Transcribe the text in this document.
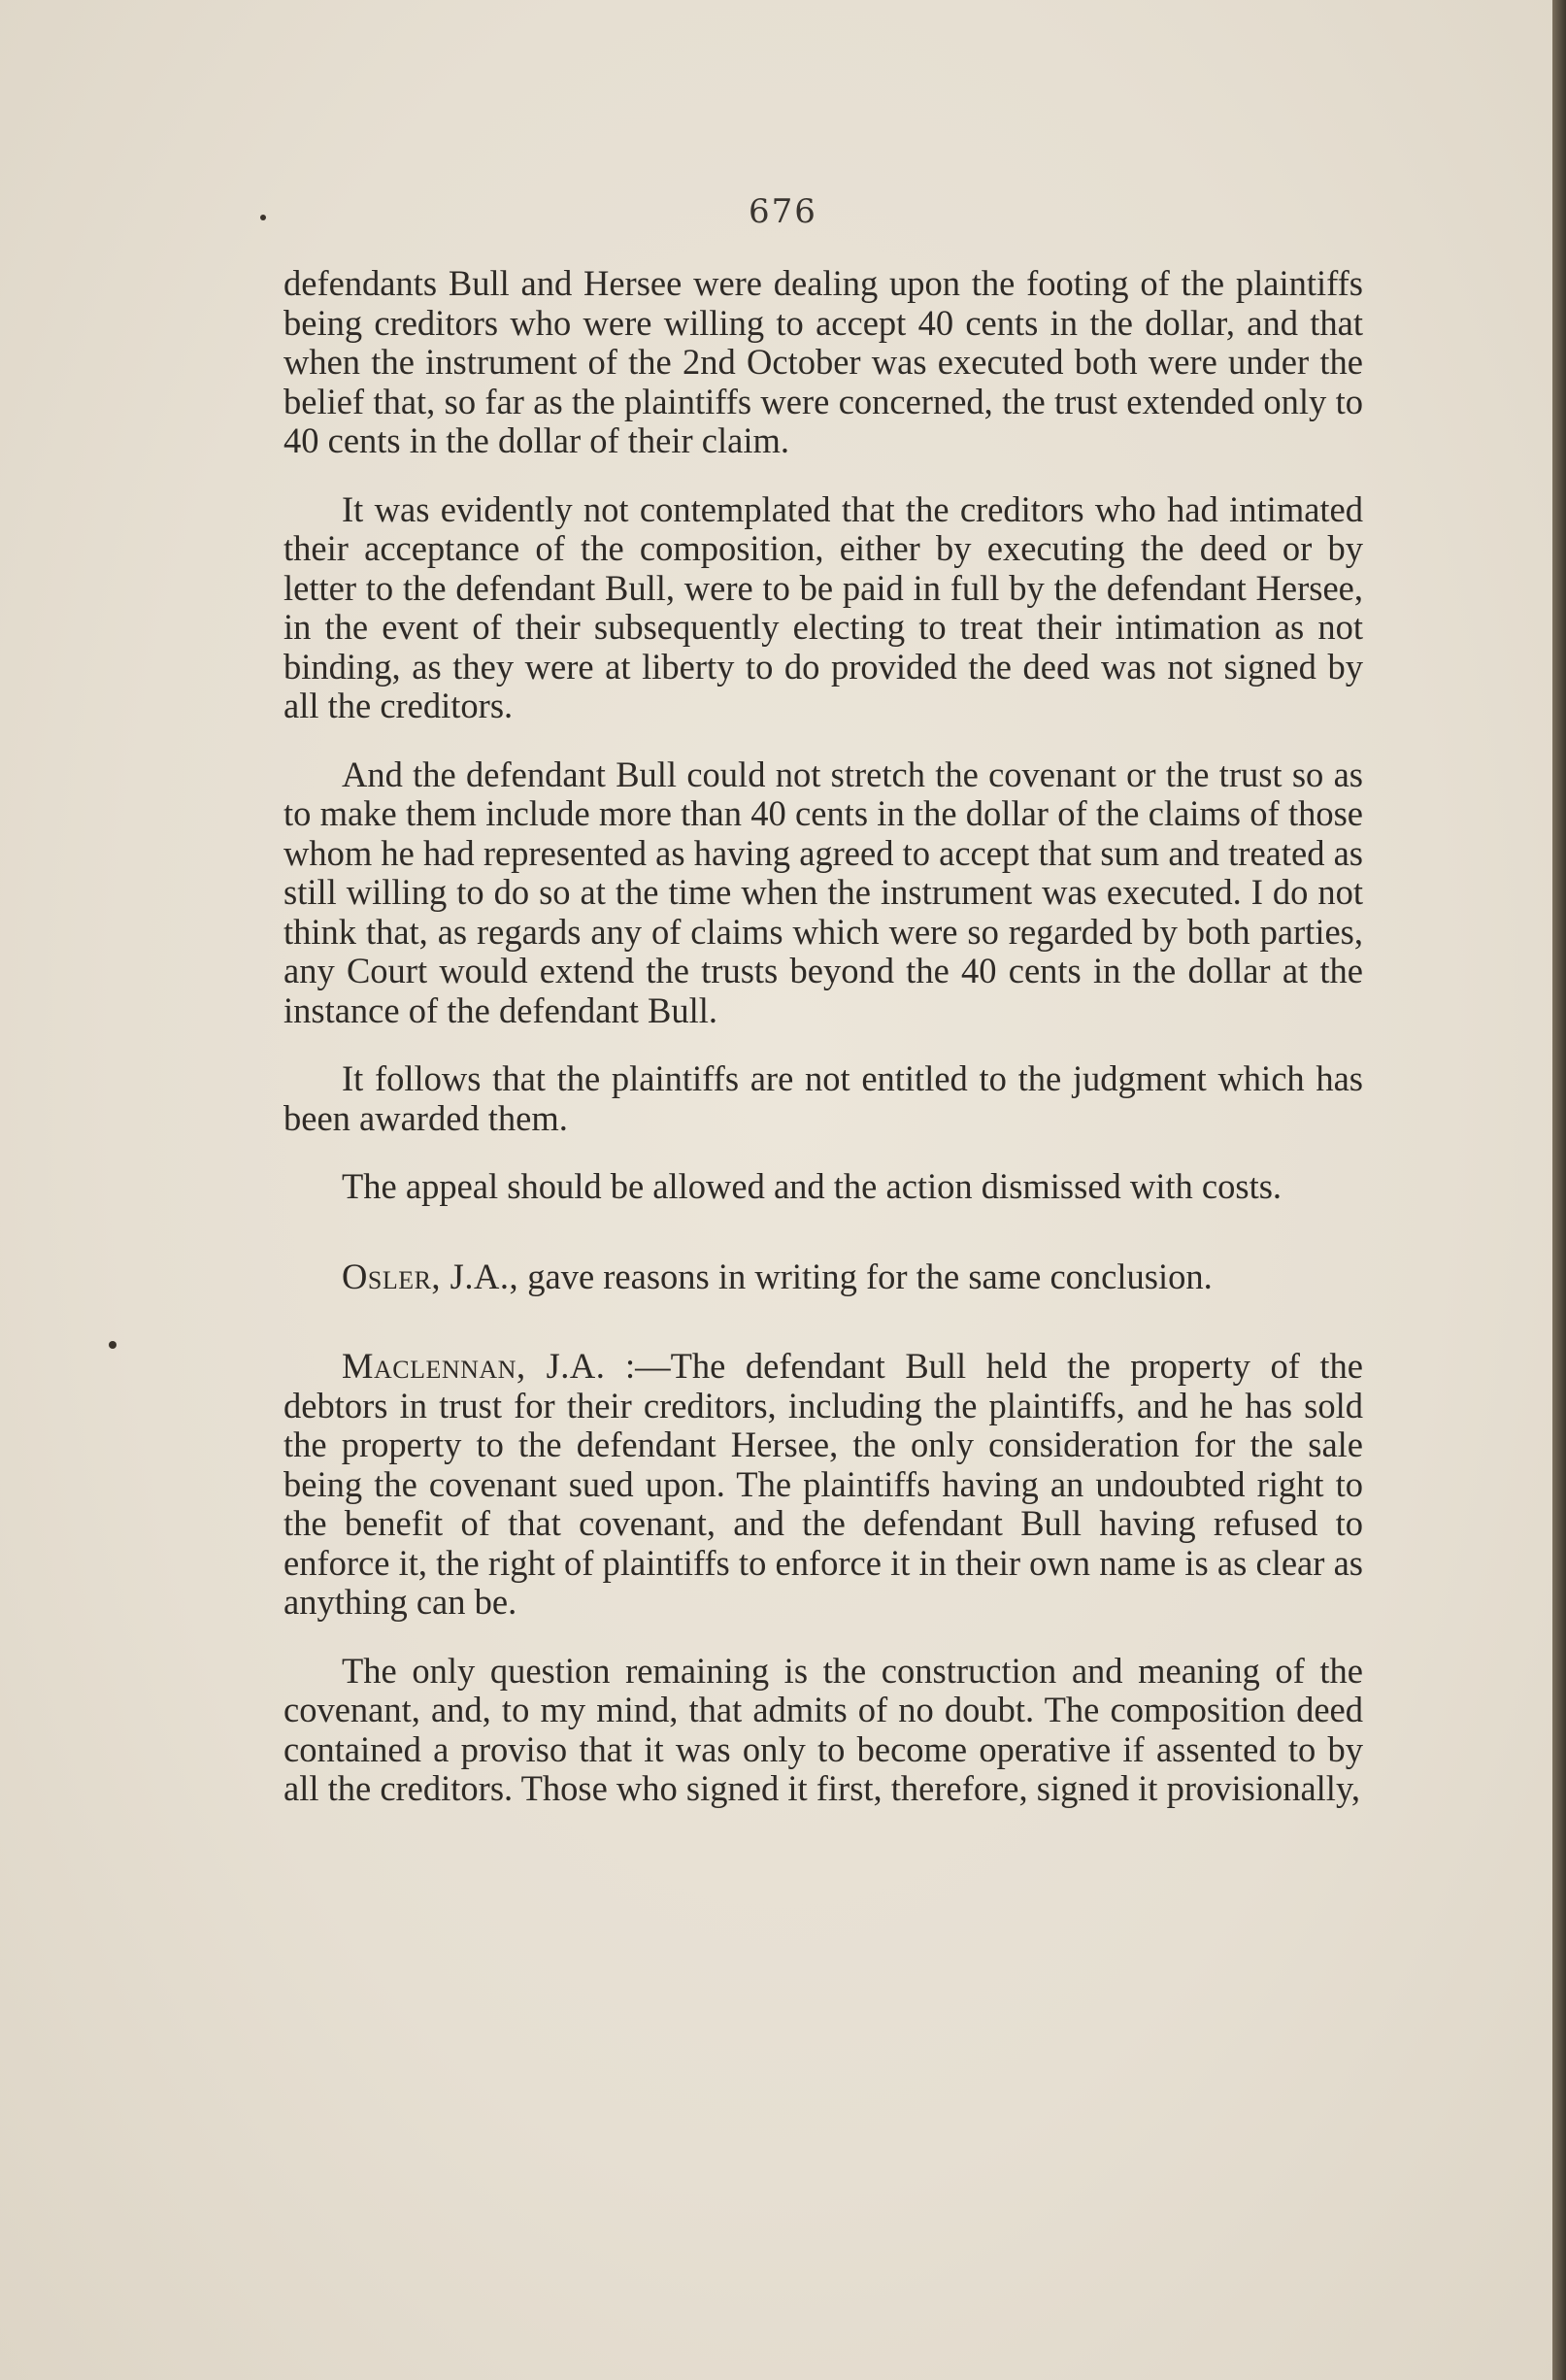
676

defendants Bull and Hersee were dealing upon the footing of the plaintiffs being creditors who were willing to accept 40 cents in the dollar, and that when the instrument of the 2nd October was executed both were under the belief that, so far as the plaintiffs were concerned, the trust extended only to 40 cents in the dollar of their claim.

It was evidently not contemplated that the creditors who had intimated their acceptance of the composition, either by executing the deed or by letter to the defendant Bull, were to be paid in full by the defendant Hersee, in the event of their subsequently electing to treat their intimation as not binding, as they were at liberty to do provided the deed was not signed by all the creditors.

And the defendant Bull could not stretch the covenant or the trust so as to make them include more than 40 cents in the dollar of the claims of those whom he had represented as having agreed to accept that sum and treated as still willing to do so at the time when the instrument was executed. I do not think that, as regards any of claims which were so regarded by both parties, any Court would extend the trusts beyond the 40 cents in the dollar at the instance of the defendant Bull.

It follows that the plaintiffs are not entitled to the judgment which has been awarded them.

The appeal should be allowed and the action dismissed with costs.

Osler, J.A., gave reasons in writing for the same conclusion.

Maclennan, J.A. :—The defendant Bull held the property of the debtors in trust for their creditors, including the plaintiffs, and he has sold the property to the defendant Hersee, the only consideration for the sale being the covenant sued upon. The plaintiffs having an undoubted right to the benefit of that covenant, and the defendant Bull having refused to enforce it, the right of plaintiffs to enforce it in their own name is as clear as anything can be.

The only question remaining is the construction and meaning of the covenant, and, to my mind, that admits of no doubt. The composition deed contained a proviso that it was only to become operative if assented to by all the creditors. Those who signed it first, therefore, signed it provisionally,
